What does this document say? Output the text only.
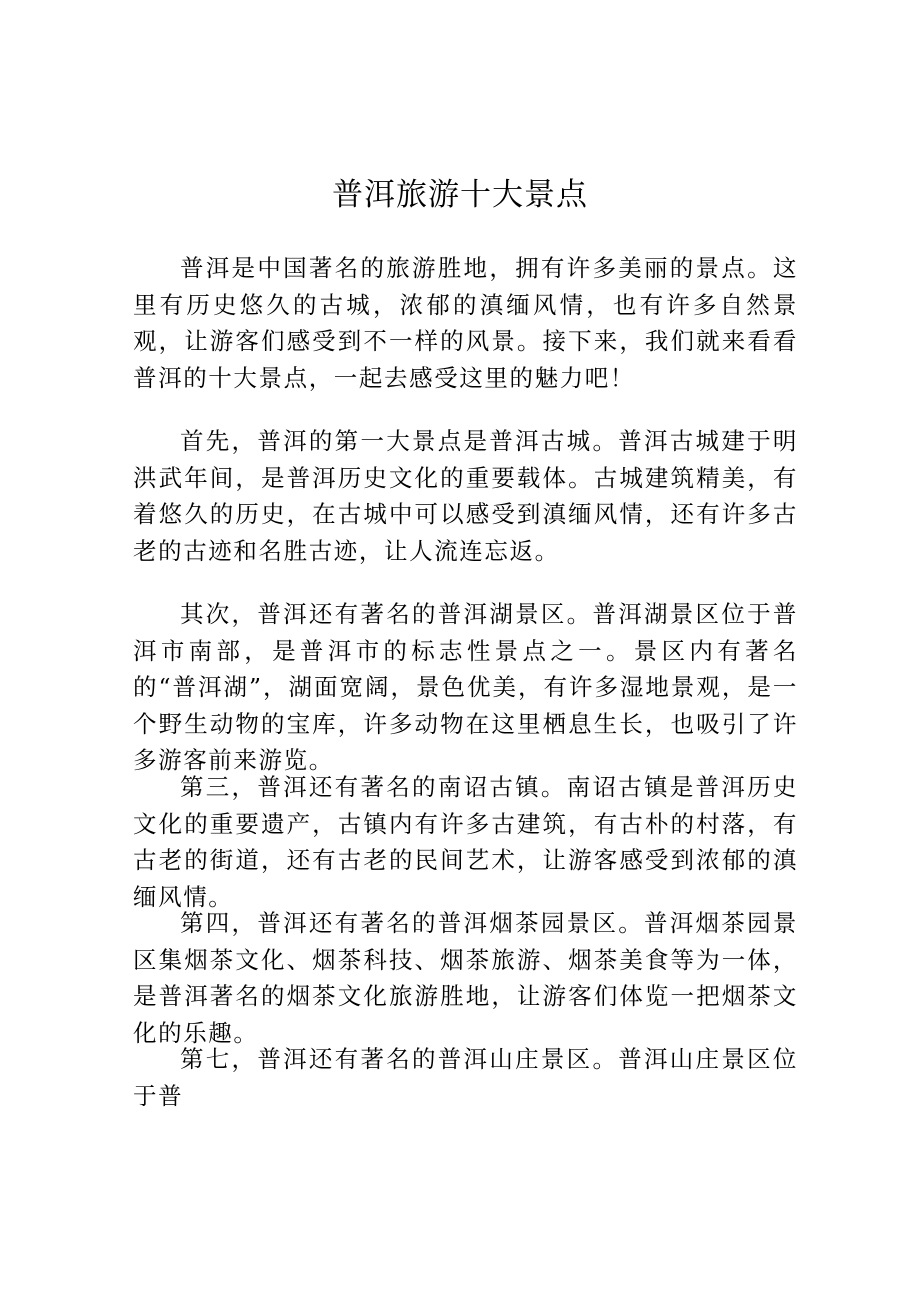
普洱旅游十大景点

普洱是中国著名的旅游胜地，拥有许多美丽的景点。这里有历史悠久的古城，浓郁的滇缅风情，也有许多自然景观，让游客们感受到不一样的风景。接下来，我们就来看看普洱的十大景点，一起去感受这里的魅力吧！

首先，普洱的第一大景点是普洱古城。普洱古城建于明洪武年间，是普洱历史文化的重要载体。古城建筑精美，有着悠久的历史，在古城中可以感受到滇缅风情，还有许多古老的古迹和名胜古迹，让人流连忘返。

其次，普洱还有著名的普洱湖景区。普洱湖景区位于普洱市南部，是普洱市的标志性景点之一。景区内有著名的“普洱湖”，湖面宽阔，景色优美，有许多湿地景观，是一个野生动物的宝库，许多动物在这里栖息生长，也吸引了许多游客前来游览。

第三，普洱还有著名的南诏古镇。南诏古镇是普洱历史文化的重要遗产，古镇内有许多古建筑，有古朴的村落，有古老的街道，还有古老的民间艺术，让游客感受到浓郁的滇缅风情。

第四，普洱还有著名的普洱烟茶园景区。普洱烟茶园景区集烟茶文化、烟茶科技、烟茶旅游、烟茶美食等为一体，是普洱著名的烟茶文化旅游胜地，让游客们体览一把烟茶文化的乐趣。

第七，普洱还有著名的普洱山庄景区。普洱山庄景区位于普
